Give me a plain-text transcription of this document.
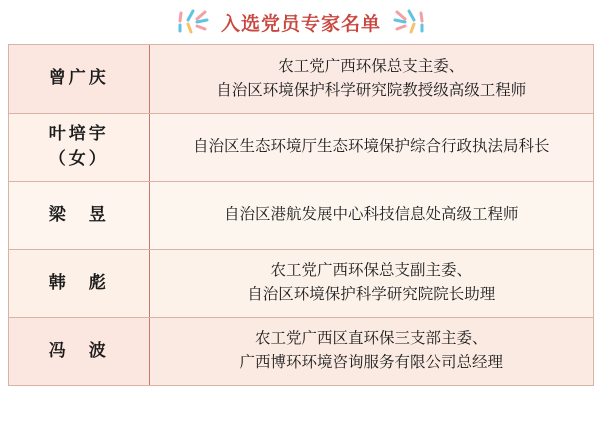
入选党员专家名单
曾广庆	农工党广西环保总支主委、
自治区环境保护科学研究院教授级高级工程师

叶培宇
（女）	自治区生态环境厅生态环境保护综合行政执法局科长

梁　昱	自治区港航发展中心科技信息处高级工程师

韩　彪	农工党广西环保总支副主委、
自治区环境保护科学研究院院长助理

冯　波	农工党广西区直环保三支部主委、
广西博环环境咨询服务有限公司总经理
